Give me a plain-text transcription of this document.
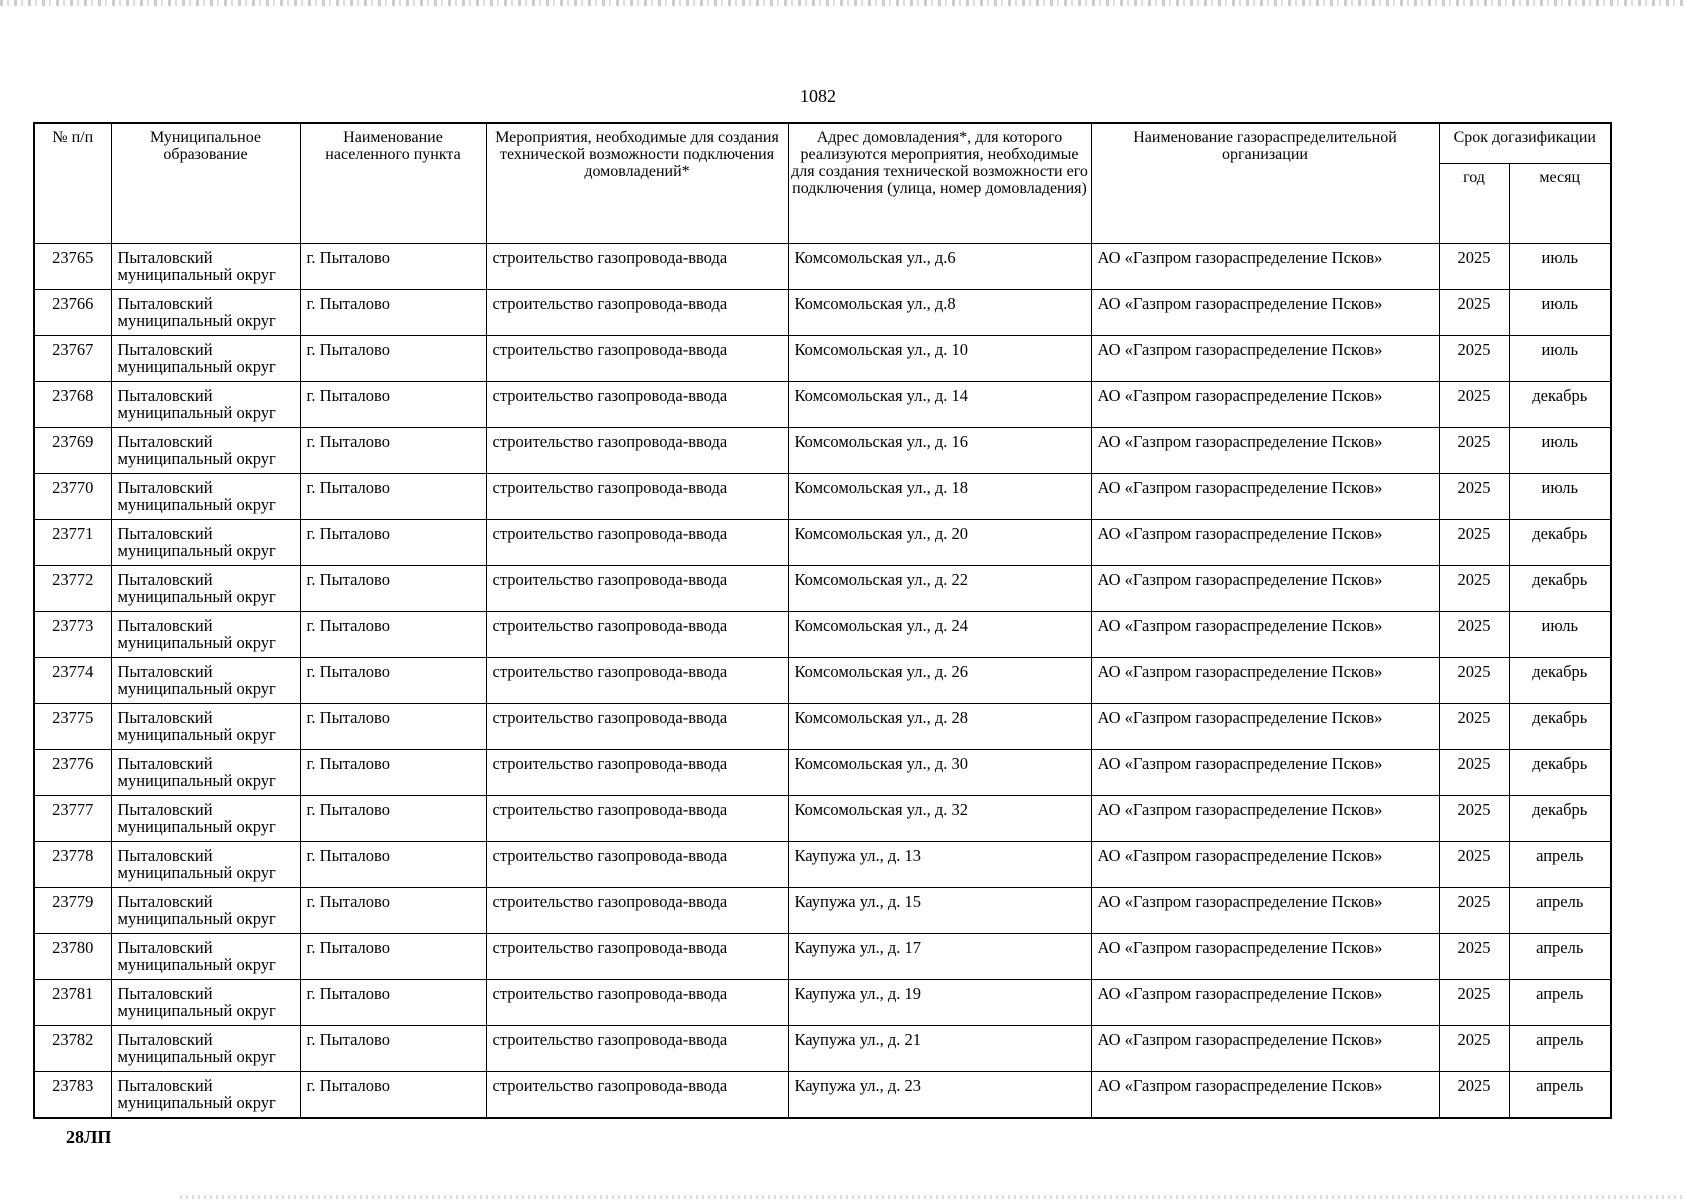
1082
№ п/п	Муниципальное образование	Наименование населенного пункта	Мероприятия, необходимые для создания технической возможности подключения домовладений*	Адрес домовладения*, для которого реализуются мероприятия, необходимые для создания технической возможности его подключения (улица, номер домовладения)	Наименование газораспределительной организации	Срок догазификации	
						год	месяц
23765	Пыталовский муниципальный округ	г. Пыталово	строительство газопровода-ввода	Комсомольская ул., д.6	АО «Газпром газораспределение Псков»	2025	июль
23766	Пыталовский муниципальный округ	г. Пыталово	строительство газопровода-ввода	Комсомольская ул., д.8	АО «Газпром газораспределение Псков»	2025	июль
23767	Пыталовский муниципальный округ	г. Пыталово	строительство газопровода-ввода	Комсомольская ул., д. 10	АО «Газпром газораспределение Псков»	2025	июль
23768	Пыталовский муниципальный округ	г. Пыталово	строительство газопровода-ввода	Комсомольская ул., д. 14	АО «Газпром газораспределение Псков»	2025	декабрь
23769	Пыталовский муниципальный округ	г. Пыталово	строительство газопровода-ввода	Комсомольская ул., д. 16	АО «Газпром газораспределение Псков»	2025	июль
23770	Пыталовский муниципальный округ	г. Пыталово	строительство газопровода-ввода	Комсомольская ул., д. 18	АО «Газпром газораспределение Псков»	2025	июль
23771	Пыталовский муниципальный округ	г. Пыталово	строительство газопровода-ввода	Комсомольская ул., д. 20	АО «Газпром газораспределение Псков»	2025	декабрь
23772	Пыталовский муниципальный округ	г. Пыталово	строительство газопровода-ввода	Комсомольская ул., д. 22	АО «Газпром газораспределение Псков»	2025	декабрь
23773	Пыталовский муниципальный округ	г. Пыталово	строительство газопровода-ввода	Комсомольская ул., д. 24	АО «Газпром газораспределение Псков»	2025	июль
23774	Пыталовский муниципальный округ	г. Пыталово	строительство газопровода-ввода	Комсомольская ул., д. 26	АО «Газпром газораспределение Псков»	2025	декабрь
23775	Пыталовский муниципальный округ	г. Пыталово	строительство газопровода-ввода	Комсомольская ул., д. 28	АО «Газпром газораспределение Псков»	2025	декабрь
23776	Пыталовский муниципальный округ	г. Пыталово	строительство газопровода-ввода	Комсомольская ул., д. 30	АО «Газпром газораспределение Псков»	2025	декабрь
23777	Пыталовский муниципальный округ	г. Пыталово	строительство газопровода-ввода	Комсомольская ул., д. 32	АО «Газпром газораспределение Псков»	2025	декабрь
23778	Пыталовский муниципальный округ	г. Пыталово	строительство газопровода-ввода	Каупужа ул., д. 13	АО «Газпром газораспределение Псков»	2025	апрель
23779	Пыталовский муниципальный округ	г. Пыталово	строительство газопровода-ввода	Каупужа ул., д. 15	АО «Газпром газораспределение Псков»	2025	апрель
23780	Пыталовский муниципальный округ	г. Пыталово	строительство газопровода-ввода	Каупужа ул., д. 17	АО «Газпром газораспределение Псков»	2025	апрель
23781	Пыталовский муниципальный округ	г. Пыталово	строительство газопровода-ввода	Каупужа ул., д. 19	АО «Газпром газораспределение Псков»	2025	апрель
23782	Пыталовский муниципальный округ	г. Пыталово	строительство газопровода-ввода	Каупужа ул., д. 21	АО «Газпром газораспределение Псков»	2025	апрель
23783	Пыталовский муниципальный округ	г. Пыталово	строительство газопровода-ввода	Каупужа ул., д. 23	АО «Газпром газораспределение Псков»	2025	апрель
28ЛП
